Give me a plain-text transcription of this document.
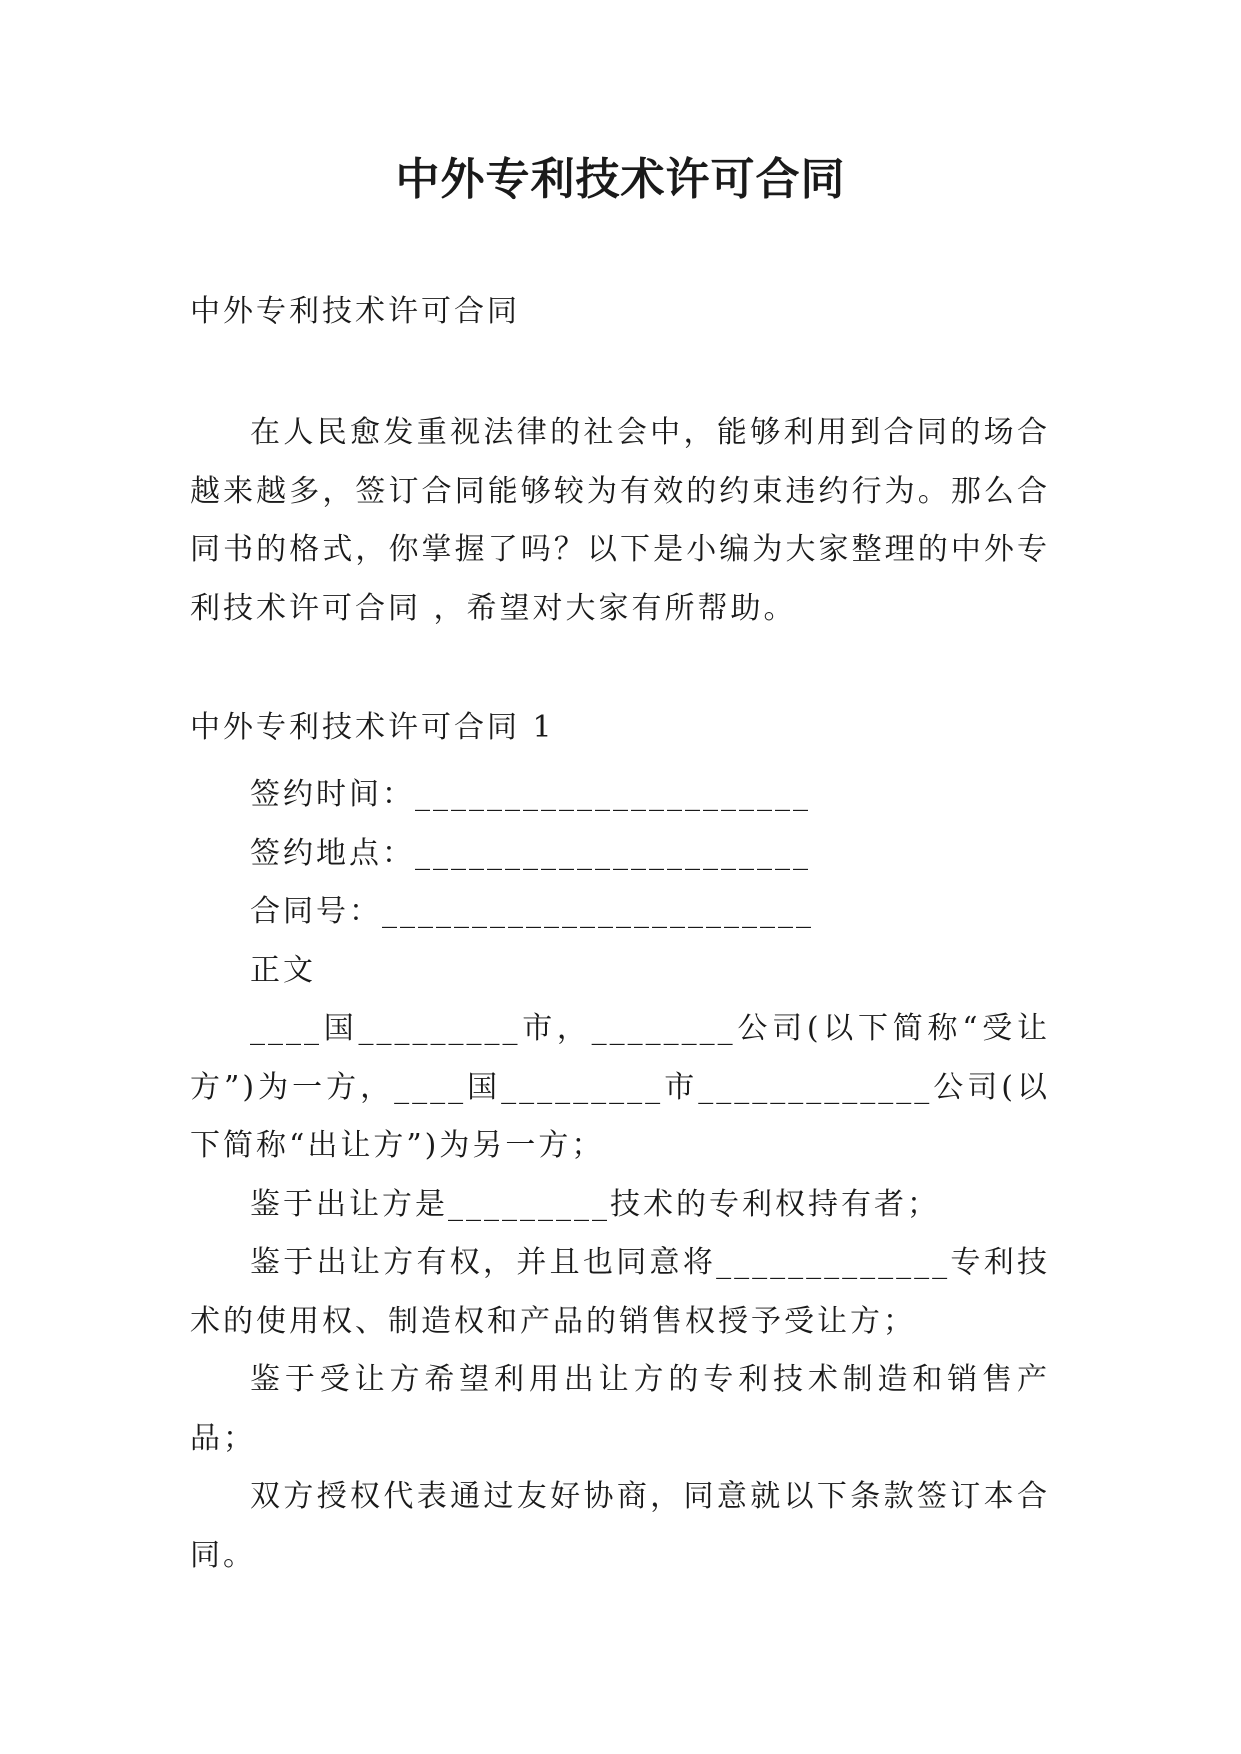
中外专利技术许可合同

中外专利技术许可合同

在人民愈发重视法律的社会中，能够利用到合同的场合越来越多，签订合同能够较为有效的约束违约行为。那么合同书的格式，你掌握了吗？以下是小编为大家整理的中外专利技术许可合同 ，希望对大家有所帮助。

中外专利技术许可合同 1

签约时间：______________________

签约地点：______________________

合同号：________________________

正文

____国_________市，________公司(以下简称“受让方”)为一方，____国_________市_____________公司(以下简称“出让方”)为另一方；

鉴于出让方是_________技术的专利权持有者；

鉴于出让方有权，并且也同意将_____________专利技术的使用权、制造权和产品的销售权授予受让方；

鉴于受让方希望利用出让方的专利技术制造和销售产品；

双方授权代表通过友好协商，同意就以下条款签订本合同。
